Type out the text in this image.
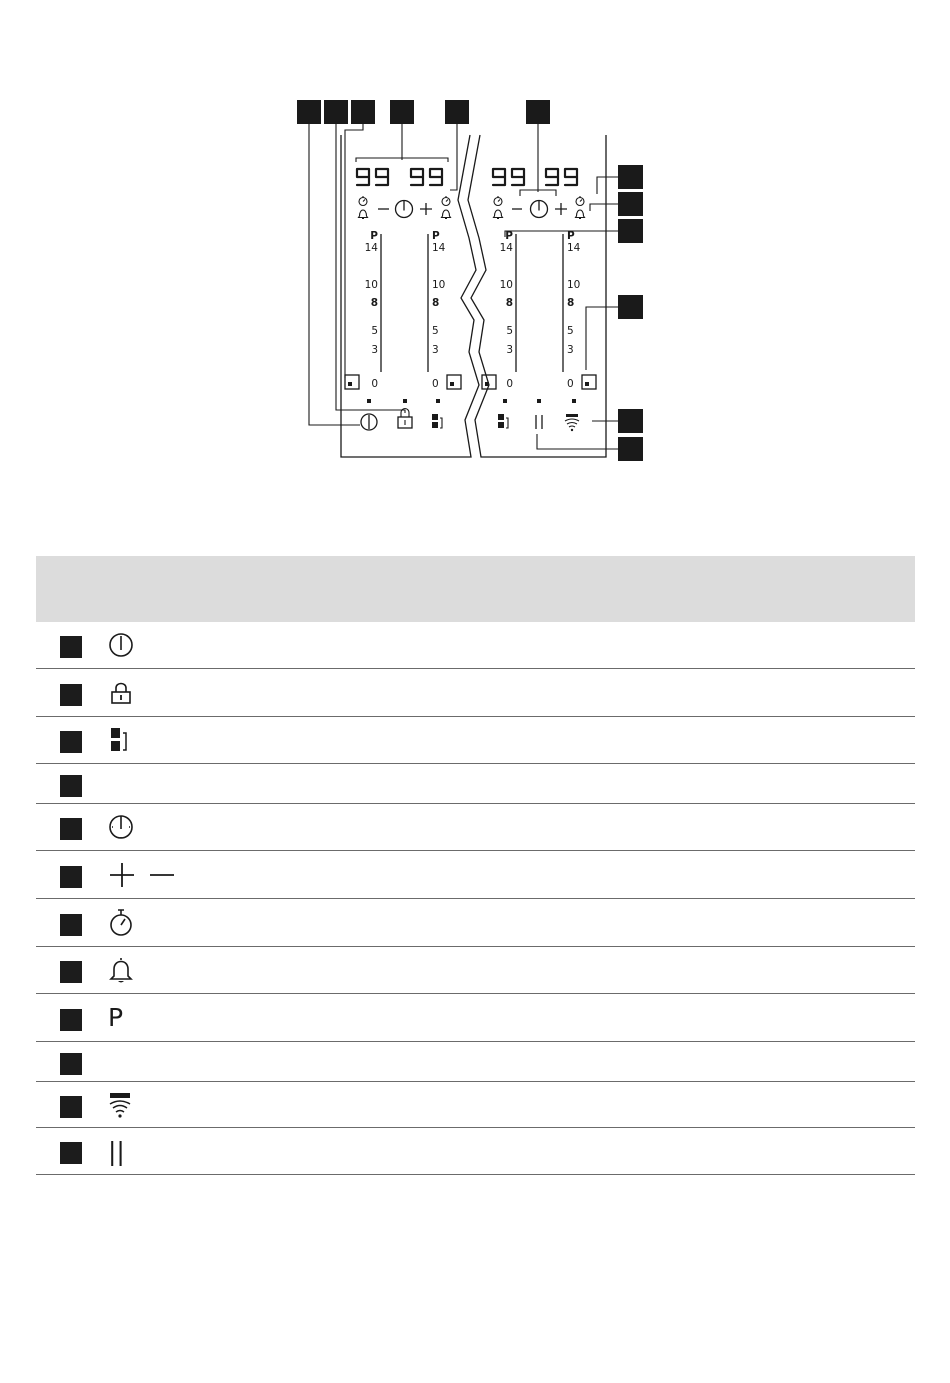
P
14
10
8
5
3
0
P
14
10
8
5
3
0
P
14
10
8
5
3
0
P
14
10
8
5
3
0
P
||
